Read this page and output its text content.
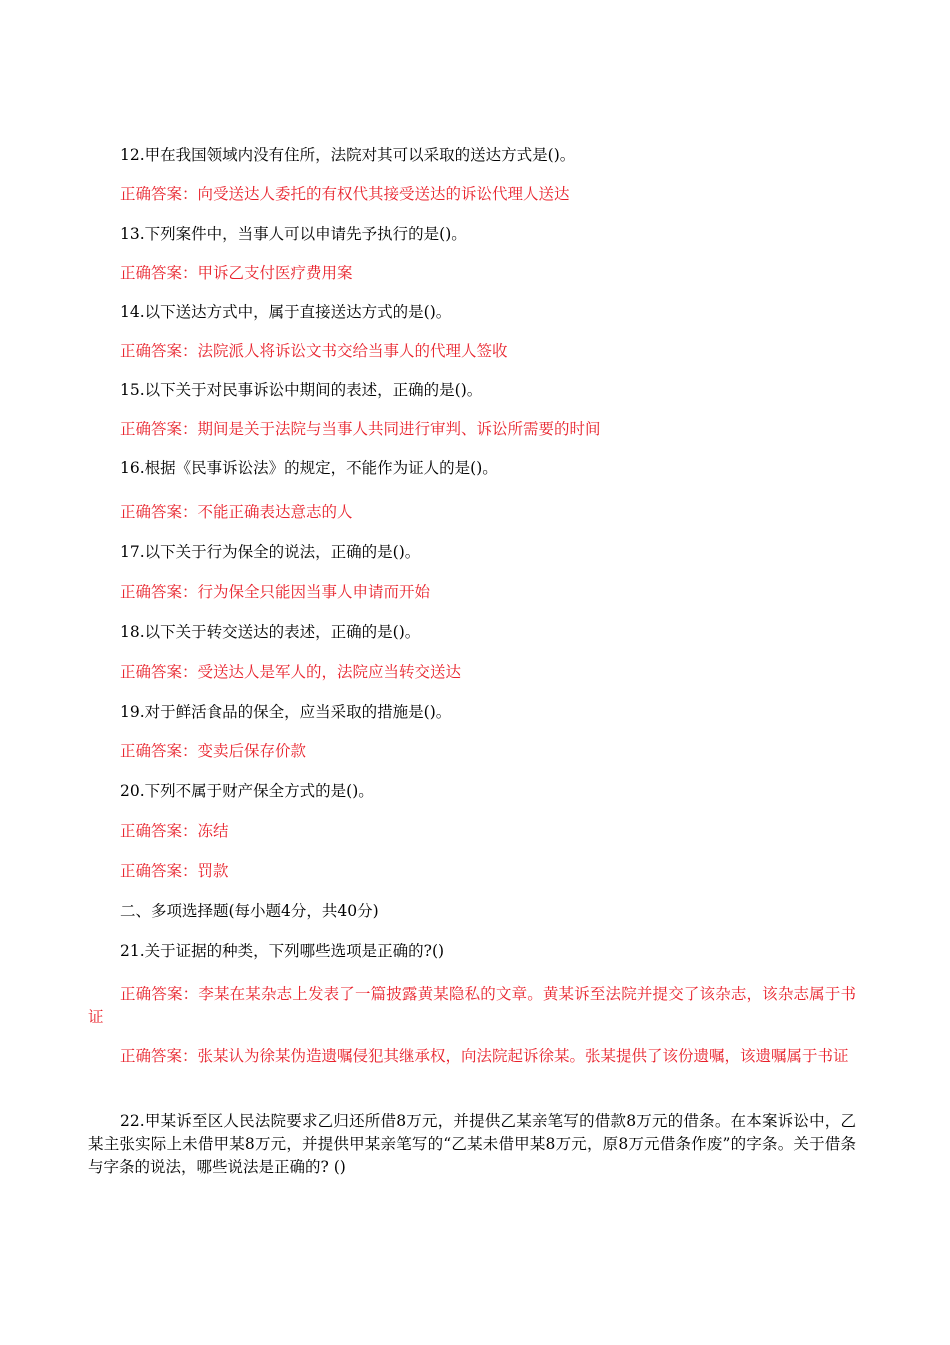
12.甲在我国领域内没有住所，法院对其可以采取的送达方式是()。
正确答案：向受送达人委托的有权代其接受送达的诉讼代理人送达
13.下列案件中，当事人可以申请先予执行的是()。
正确答案：甲诉乙支付医疗费用案
14.以下送达方式中，属于直接送达方式的是()。
正确答案：法院派人将诉讼文书交给当事人的代理人签收
15.以下关于对民事诉讼中期间的表述，正确的是()。
正确答案：期间是关于法院与当事人共同进行审判、诉讼所需要的时间
16.根据《民事诉讼法》的规定，不能作为证人的是()。
正确答案：不能正确表达意志的人
17.以下关于行为保全的说法，正确的是()。
正确答案：行为保全只能因当事人申请而开始
18.以下关于转交送达的表述，正确的是()。
正确答案：受送达人是军人的，法院应当转交送达
19.对于鲜活食品的保全，应当采取的措施是()。
正确答案：变卖后保存价款
20.下列不属于财产保全方式的是()。
正确答案：冻结
正确答案：罚款
二、多项选择题(每小题4分，共40分)
21.关于证据的种类，下列哪些选项是正确的?()
正确答案：李某在某杂志上发表了一篇披露黄某隐私的文章。黄某诉至法院并提交了该杂志，该杂志属于书证
正确答案：张某认为徐某伪造遗嘱侵犯其继承权，向法院起诉徐某。张某提供了该份遗嘱，该遗嘱属于书证
22.甲某诉至区人民法院要求乙归还所借8万元，并提供乙某亲笔写的借款8万元的借条。在本案诉讼中，乙某主张实际上未借甲某8万元，并提供甲某亲笔写的“乙某未借甲某8万元，原8万元借条作废”的字条。关于借条与字条的说法，哪些说法是正确的? ()
